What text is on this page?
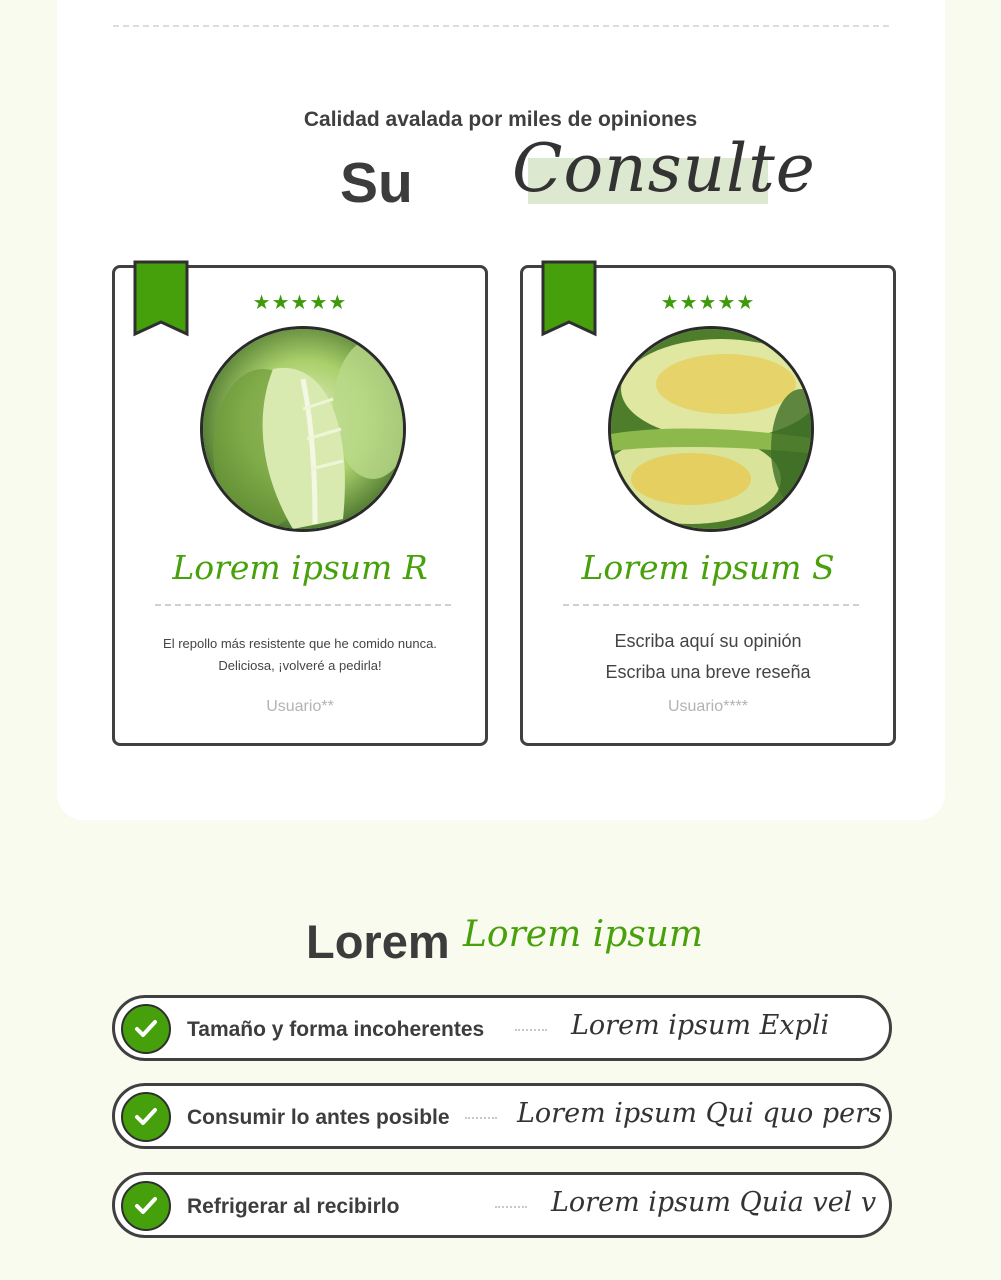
Calidad avalada por miles de opiniones
Su Consulte
★★★★★
Lorem ipsum R
El repollo más resistente que he comido nunca.
Deliciosa, ¡volveré a pedirla!
Usuario**
★★★★★
Lorem ipsum S
Escriba aquí su opinión
Escriba una breve reseña
Usuario****
Lorem Lorem ipsum
Tamaño y forma incoherentes	Lorem ipsum Expli
Consumir lo antes posible Lorem ipsum Qui quo pers
Refrigerar al recibirlo	Lorem ipsum Quia vel v
